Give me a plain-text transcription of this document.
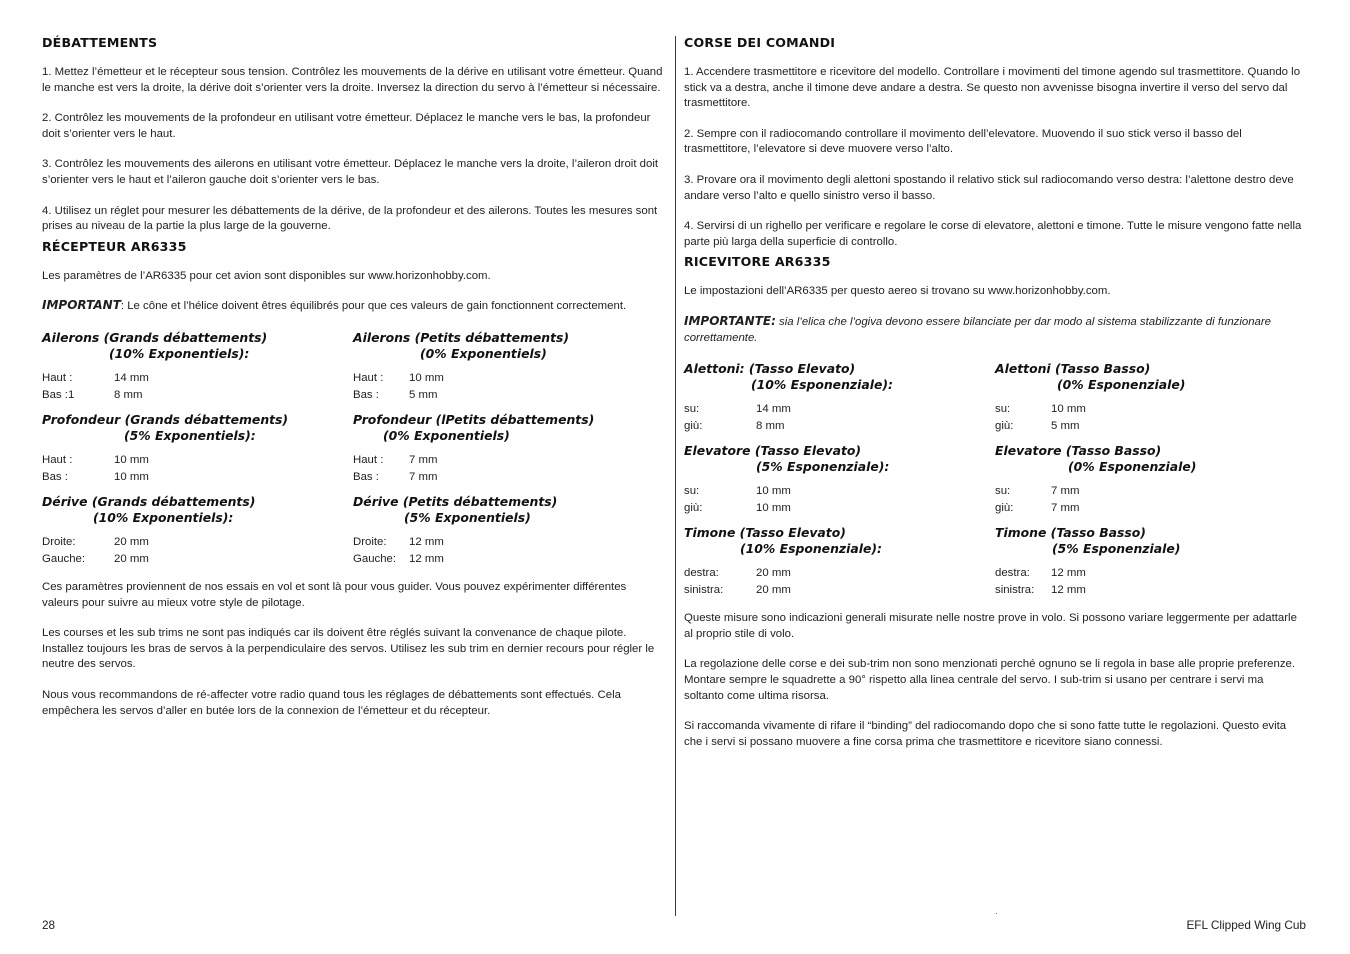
DÉBATTEMENTS

1. Mettez l’émetteur et le récepteur sous tension. Contrôlez les mouvements de la dérive en utilisant votre émetteur. Quand le manche est vers la droite, la dérive doit s’orienter vers la droite. Inversez la direction du servo à l’émetteur si nécessaire.

2. Contrôlez les mouvements de la profondeur en utilisant votre émetteur. Déplacez le manche vers le bas, la profondeur doit s’orienter vers le haut.

3. Contrôlez les mouvements des ailerons en utilisant votre émetteur. Déplacez le manche vers la droite, l’aileron droit doit s’orienter vers le haut et l’aileron gauche doit s’orienter vers le bas.

4. Utilisez un réglet pour mesurer les débattements de la dérive, de la profondeur et des ailerons. Toutes les mesures sont prises au niveau de la partie la plus large de la gouverne.

RÉCEPTEUR AR6335

Les paramètres de l’AR6335 pour cet avion sont disponibles sur www.horizonhobby.com.

IMPORTANT: Le cône et l’hélice doivent êtres équilibrés pour que ces valeurs de gain fonctionnent correctement.

Ailerons (Grands débattements)
(10% Exponentiels):

Haut :	14 mm
Bas :1	8 mm

Ailerons (Petits débattements)
(0% Exponentiels)

Haut :	10 mm
Bas :	5 mm

Profondeur (Grands débattements)
(5% Exponentiels):

Haut :	10 mm
Bas :	10 mm

Profondeur (lPetits débattements)
(0% Exponentiels)

Haut :	7 mm
Bas :	7 mm

Dérive (Grands débattements)
(10% Exponentiels):

Droite:	20 mm
Gauche:	20 mm

Dérive (Petits débattements)
(5% Exponentiels)

Droite:	12 mm
Gauche:	12 mm

Ces paramètres proviennent de nos essais en vol et sont là pour vous guider. Vous pouvez expérimenter différentes valeurs pour suivre au mieux votre style de pilotage.

Les courses et les sub trims ne sont pas indiqués car ils doivent être réglés suivant la convenance de chaque pilote. Installez toujours les bras de servos à la perpendiculaire des servos. Utilisez les sub trim en dernier recours pour régler le neutre des servos.

Nous vous recommandons de ré-affecter votre radio quand tous les réglages de débattements sont effectués. Cela empêchera les servos d’aller en butée lors de la connexion de l’émetteur et du récepteur.

CORSE DEI COMANDI

1. Accendere trasmettitore e ricevitore del modello. Controllare i movimenti del timone agendo sul trasmettitore. Quando lo stick va a destra, anche il timone deve andare a destra. Se questo non avvenisse bisogna invertire il verso del servo dal trasmettitore.

2. Sempre con il radiocomando controllare il movimento dell’elevatore. Muovendo il suo stick verso il basso del trasmettitore, l’elevatore si deve muovere verso l’alto.

3. Provare ora il movimento degli alettoni spostando il relativo stick sul radiocomando verso destra: l’alettone destro deve andare verso l’alto e quello sinistro verso il basso.

4. Servirsi di un righello per verificare e regolare le corse di elevatore, alettoni e timone. Tutte le misure vengono fatte nella parte più larga della superficie di controllo.

RICEVITORE AR6335

Le impostazioni dell’AR6335 per questo aereo si trovano su www.horizonhobby.com.

IMPORTANTE: sia l’elica che l’ogiva devono essere bilanciate per dar modo al sistema stabilizzante di funzionare correttamente.

Alettoni: (Tasso Elevato)
(10% Esponenziale):

su:	14 mm
giù:	8 mm

Alettoni (Tasso Basso)
(0% Esponenziale)

su:	10 mm
giù:	5 mm

Elevatore (Tasso Elevato)
(5% Esponenziale):

su:	10 mm
giù:	10 mm

Elevatore (Tasso Basso)
(0% Esponenziale)

su:	7 mm
giù:	7 mm

Timone (Tasso Elevato)
(10% Esponenziale):

destra:	20 mm
sinistra:	20 mm

Timone (Tasso Basso)
(5% Esponenziale)

destra:	12 mm
sinistra:	12 mm

Queste misure sono indicazioni generali misurate nelle nostre prove in volo. Si possono variare leggermente per adattarle al proprio stile di volo.

La regolazione delle corse e dei sub-trim non sono menzionati perché ognuno se li regola in base alle proprie preferenze. Montare sempre le squadrette a 90° rispetto alla linea centrale del servo. I sub-trim si usano per centrare i servi ma soltanto come ultima risorsa.

Si raccomanda vivamente di rifare il “binding” del radiocomando dopo che si sono fatte tutte le regolazioni. Questo evita che i servi si possano muovere a fine corsa prima che trasmettitore e ricevitore siano connessi.

28	EFL Clipped Wing Cub
